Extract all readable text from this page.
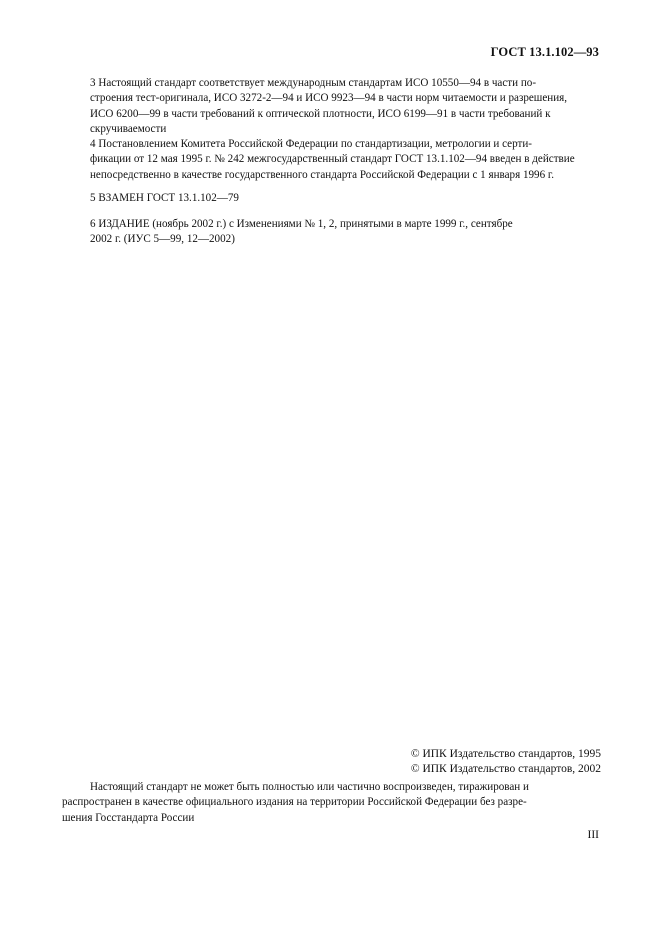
ГОСТ 13.1.102—93
3 Настоящий стандарт соответствует международным стандартам ИСО 10550—94 в части по-
строения тест-оригинала, ИСО 3272-2—94 и ИСО 9923—94 в части норм читаемости и разрешения,
ИСО 6200—99 в части требований к оптической плотности, ИСО 6199—91 в части требований к
скручиваемости
4 Постановлением Комитета Российской Федерации по стандартизации, метрологии и серти-
фикации от 12 мая 1995 г. № 242 межгосударственный стандарт ГОСТ 13.1.102—94 введен в действие
непосредственно в качестве государственного стандарта Российской Федерации с 1 января 1996 г.
5 ВЗАМЕН ГОСТ 13.1.102—79
6 ИЗДАНИЕ (ноябрь 2002 г.) с Изменениями № 1, 2, принятыми в марте 1999 г., сентябре
2002 г. (ИУС 5—99, 12—2002)
© ИПК Издательство стандартов, 1995
© ИПК Издательство стандартов, 2002
Настоящий стандарт не может быть полностью или частично воспроизведен, тиражирован и
распространен в качестве официального издания на территории Российской Федерации без разре-
шения Госстандарта России
III
